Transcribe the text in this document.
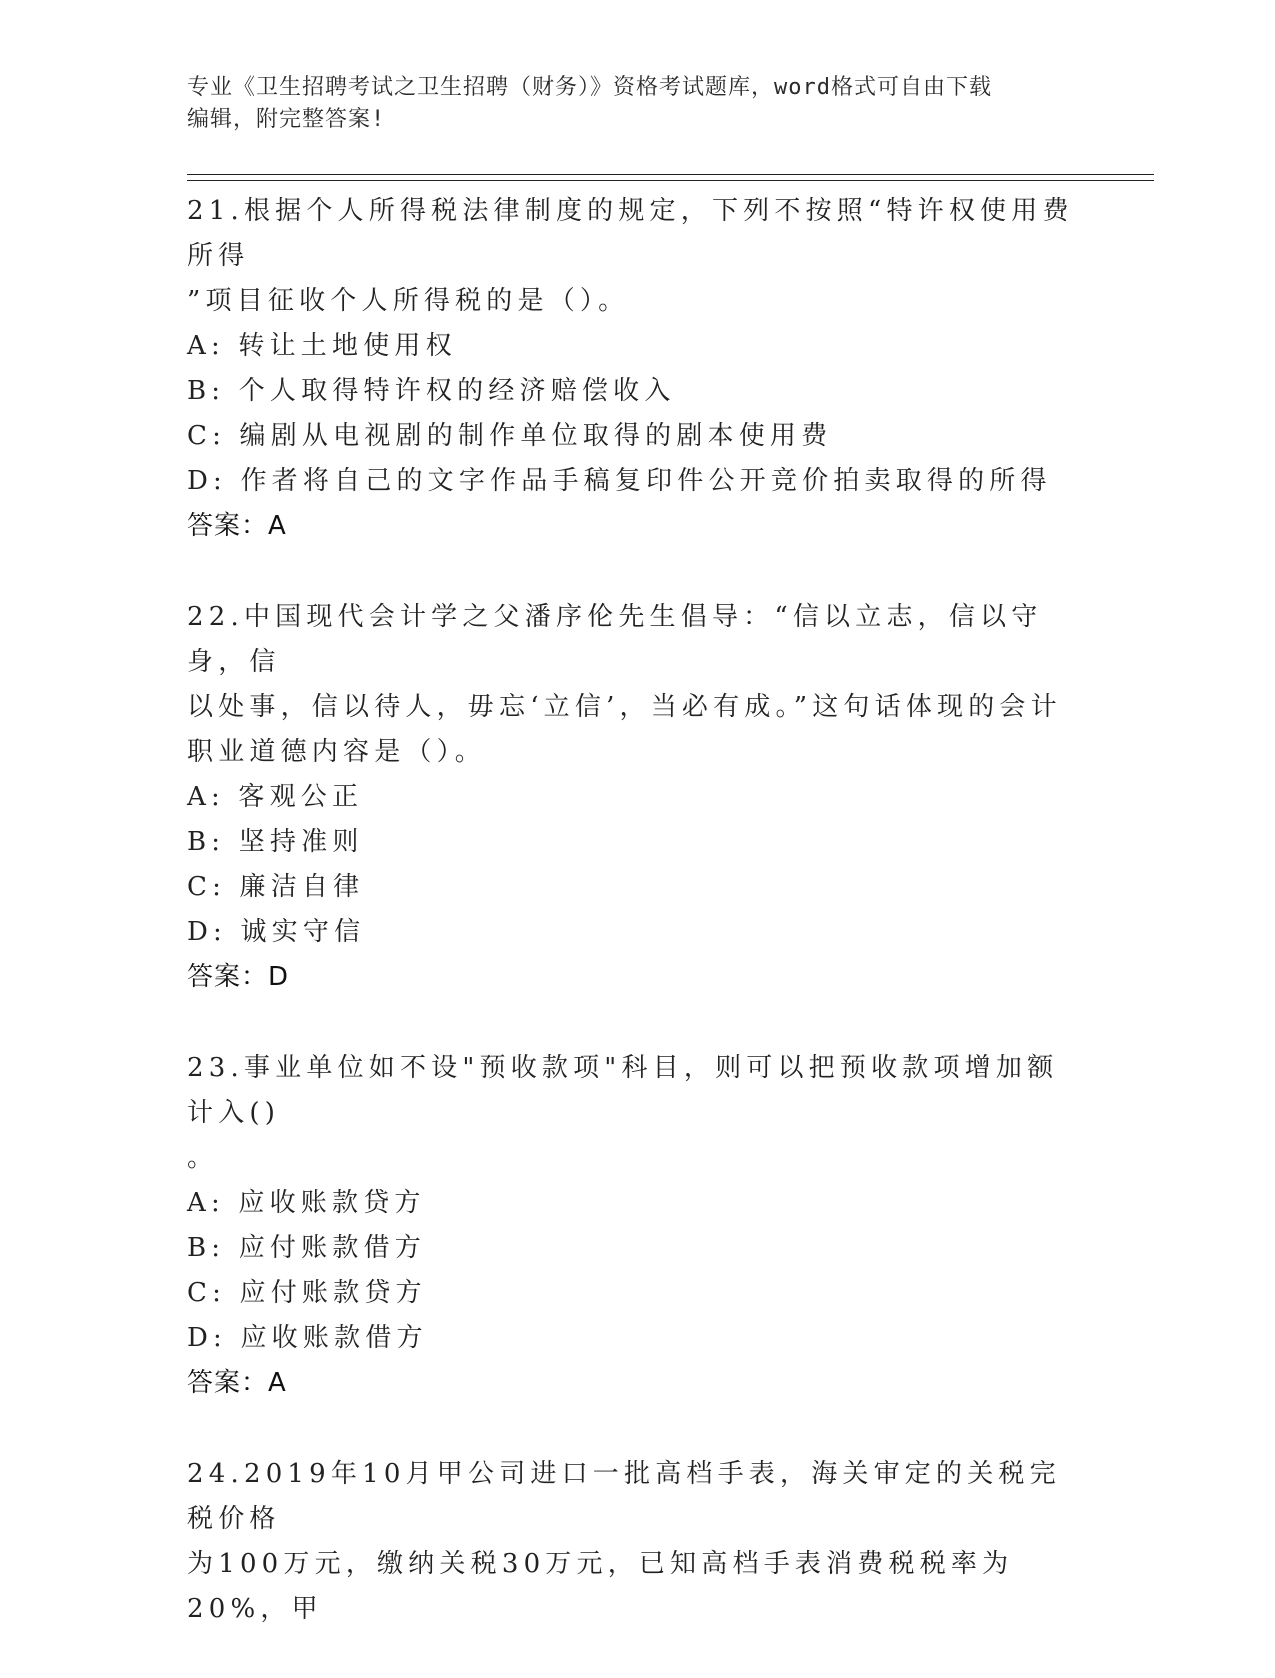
专业《卫生招聘考试之卫生招聘（财务）》资格考试题库，word格式可自由下载

编辑，附完整答案!

21.根据个人所得税法律制度的规定，下列不按照“特许权使用费所得

”项目征收个人所得税的是（）。

A: 转让土地使用权

B: 个人取得特许权的经济赔偿收入

C: 编剧从电视剧的制作单位取得的剧本使用费

D: 作者将自己的文字作品手稿复印件公开竞价拍卖取得的所得

答案：A

22.中国现代会计学之父潘序伦先生倡导：“信以立志，信以守身，信

以处事，信以待人，毋忘‘立信’，当必有成。”这句话体现的会计

职业道德内容是（）。

A: 客观公正

B: 坚持准则

C: 廉洁自律

D: 诚实守信

答案：D

23.事业单位如不设"预收款项"科目，则可以把预收款项增加额计入()

。

A: 应收账款贷方

B: 应付账款借方

C: 应付账款贷方

D: 应收账款借方

答案：A

24.2019年10月甲公司进口一批高档手表，海关审定的关税完税价格

为100万元，缴纳关税30万元，已知高档手表消费税税率为20%，甲
